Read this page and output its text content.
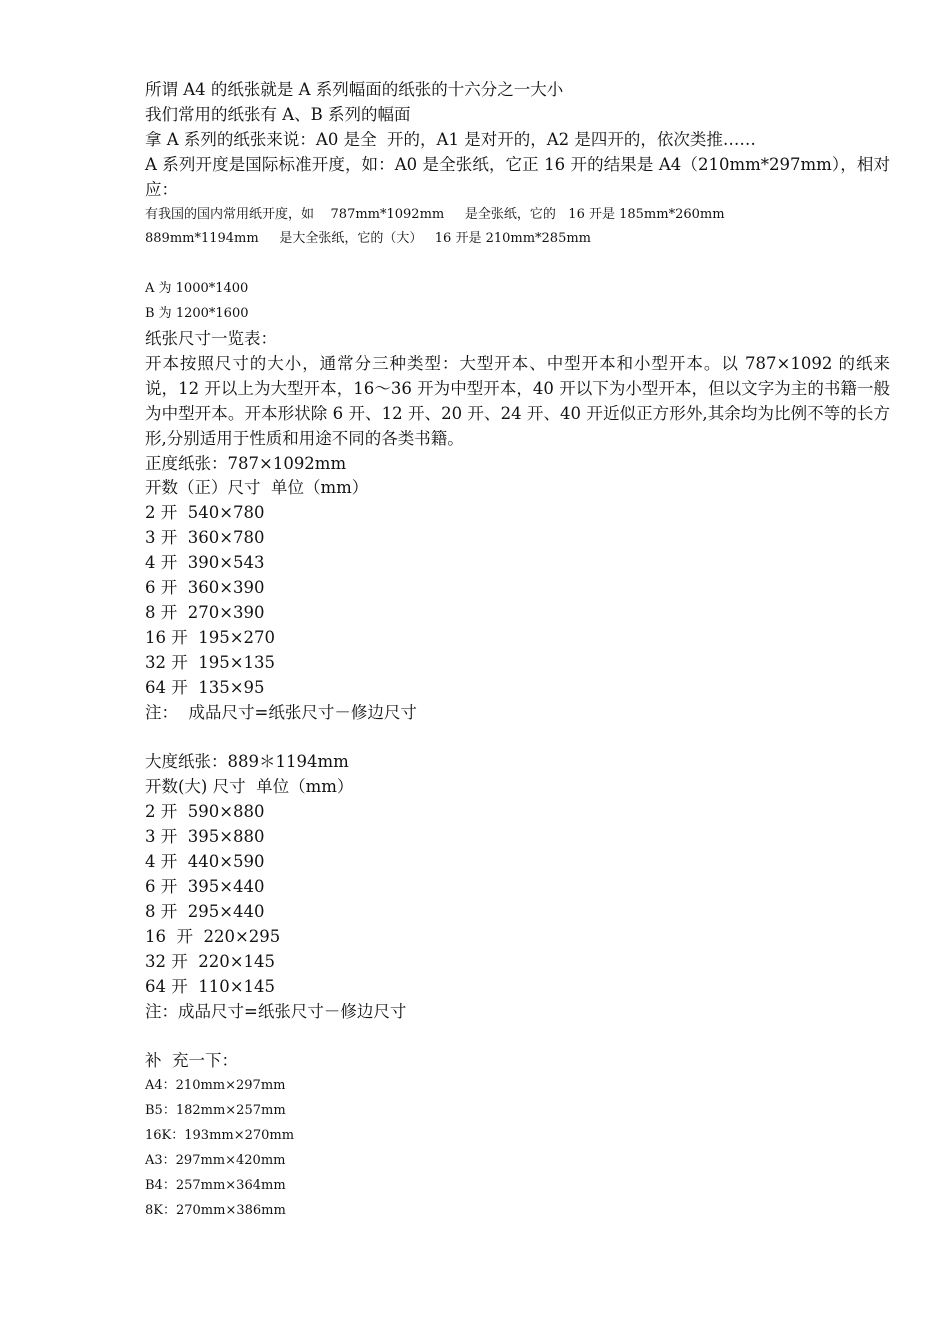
所谓 A4 的纸张就是 A 系列幅面的纸张的十六分之一大小
我们常用的纸张有 A、B 系列的幅面
拿 A 系列的纸张来说：A0 是全  开的，A1 是对开的，A2 是四开的，依次类推……
A 系列开度是国际标准开度，如：A0 是全张纸，它正 16 开的结果是 A4（210mm*297mm），相对应：
有我国的国内常用纸开度，如    787mm*1092mm     是全张纸，它的   16 开是 185mm*260mm
889mm*1194mm     是大全张纸，它的（大）   16 开是 210mm*285mm
A 为 1000*1400
B 为 1200*1600
纸张尺寸一览表：
开本按照尺寸的大小，通常分三种类型：大型开本、中型开本和小型开本。以 787×1092 的纸来 说，12 开以上为大型开本，16～36 开为中型开本，40 开以下为小型开本，但以文字为主的书籍一般为中型开本。开本形状除 6 开、12 开、20 开、24 开、40 开近似正方形外,其余均为比例不等的长方形,分别适用于性质和用途不同的各类书籍。
正度纸张：787×1092mm
开数（正）尺寸  单位（mm）
2 开  540×780
3 开  360×780
4 开  390×543
6 开  360×390
8 开  270×390
16 开  195×270
32 开  195×135
64 开  135×95
注：  成品尺寸=纸张尺寸－修边尺寸
大度纸张：889＊1194mm
开数(大) 尺寸  单位（mm）
2 开  590×880
3 开  395×880
4 开  440×590
6 开  395×440
8 开  295×440
16  开  220×295
32 开  220×145
64 开  110×145
注：成品尺寸=纸张尺寸－修边尺寸
补  充一下：
A4：210mm×297mm
B5：182mm×257mm
16K：193mm×270mm
A3：297mm×420mm
B4：257mm×364mm
8K：270mm×386mm
